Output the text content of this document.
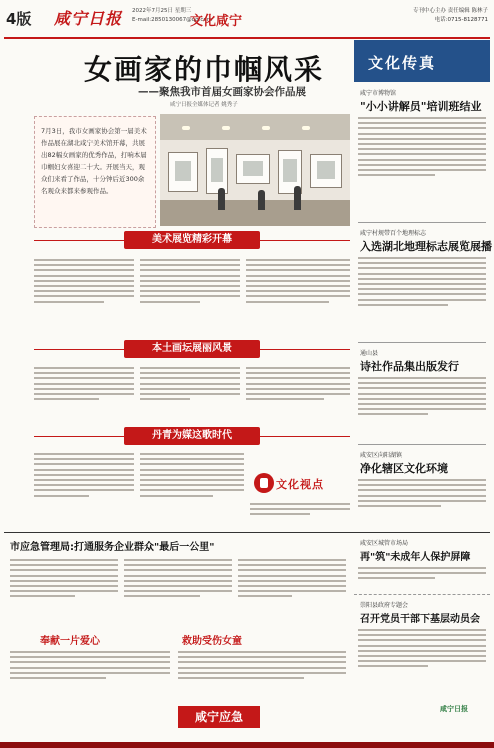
4版 咸宁日报 2022年7月25日 星期三
E-mail:2850130067@qq.com
文化咸宁
专刊中心主办 责任编辑 陈林子
电话:0715-8128771
女画家的巾帼风采
——聚焦我市首届女画家协会作品展
咸宁日报全媒体记者 姚秀子
7月3日，我市女画家协会第一届美术作品展在湖北咸宁美术馆开幕，共展出82幅女画家的优秀作品，打响本届巾帼妇女喜迎二十大。开展当天，观众们来看了作品，十分钟后近300余名观众来都来参观作品。
美术展览精彩开幕
本土画坛展丽风景
丹青为媒这歌时代
文化视点
文化传真
咸宁市博物馆
"小小讲解员"培训班结业
咸宁村规带百个地理标志
入选湖北地理标志展览展播
通山县
诗社作品集出版发行
咸安区向阳湖镇
净化辖区文化环境
市应急管理局:打通服务企业群众"最后一公里"
奉献一片爱心	救助受伤女童
咸宁应急
咸安区城管市场局
再"筑"未成年人保护屏障
崇阳县政府专题会
召开党员干部下基层动员会
咸宁日报
